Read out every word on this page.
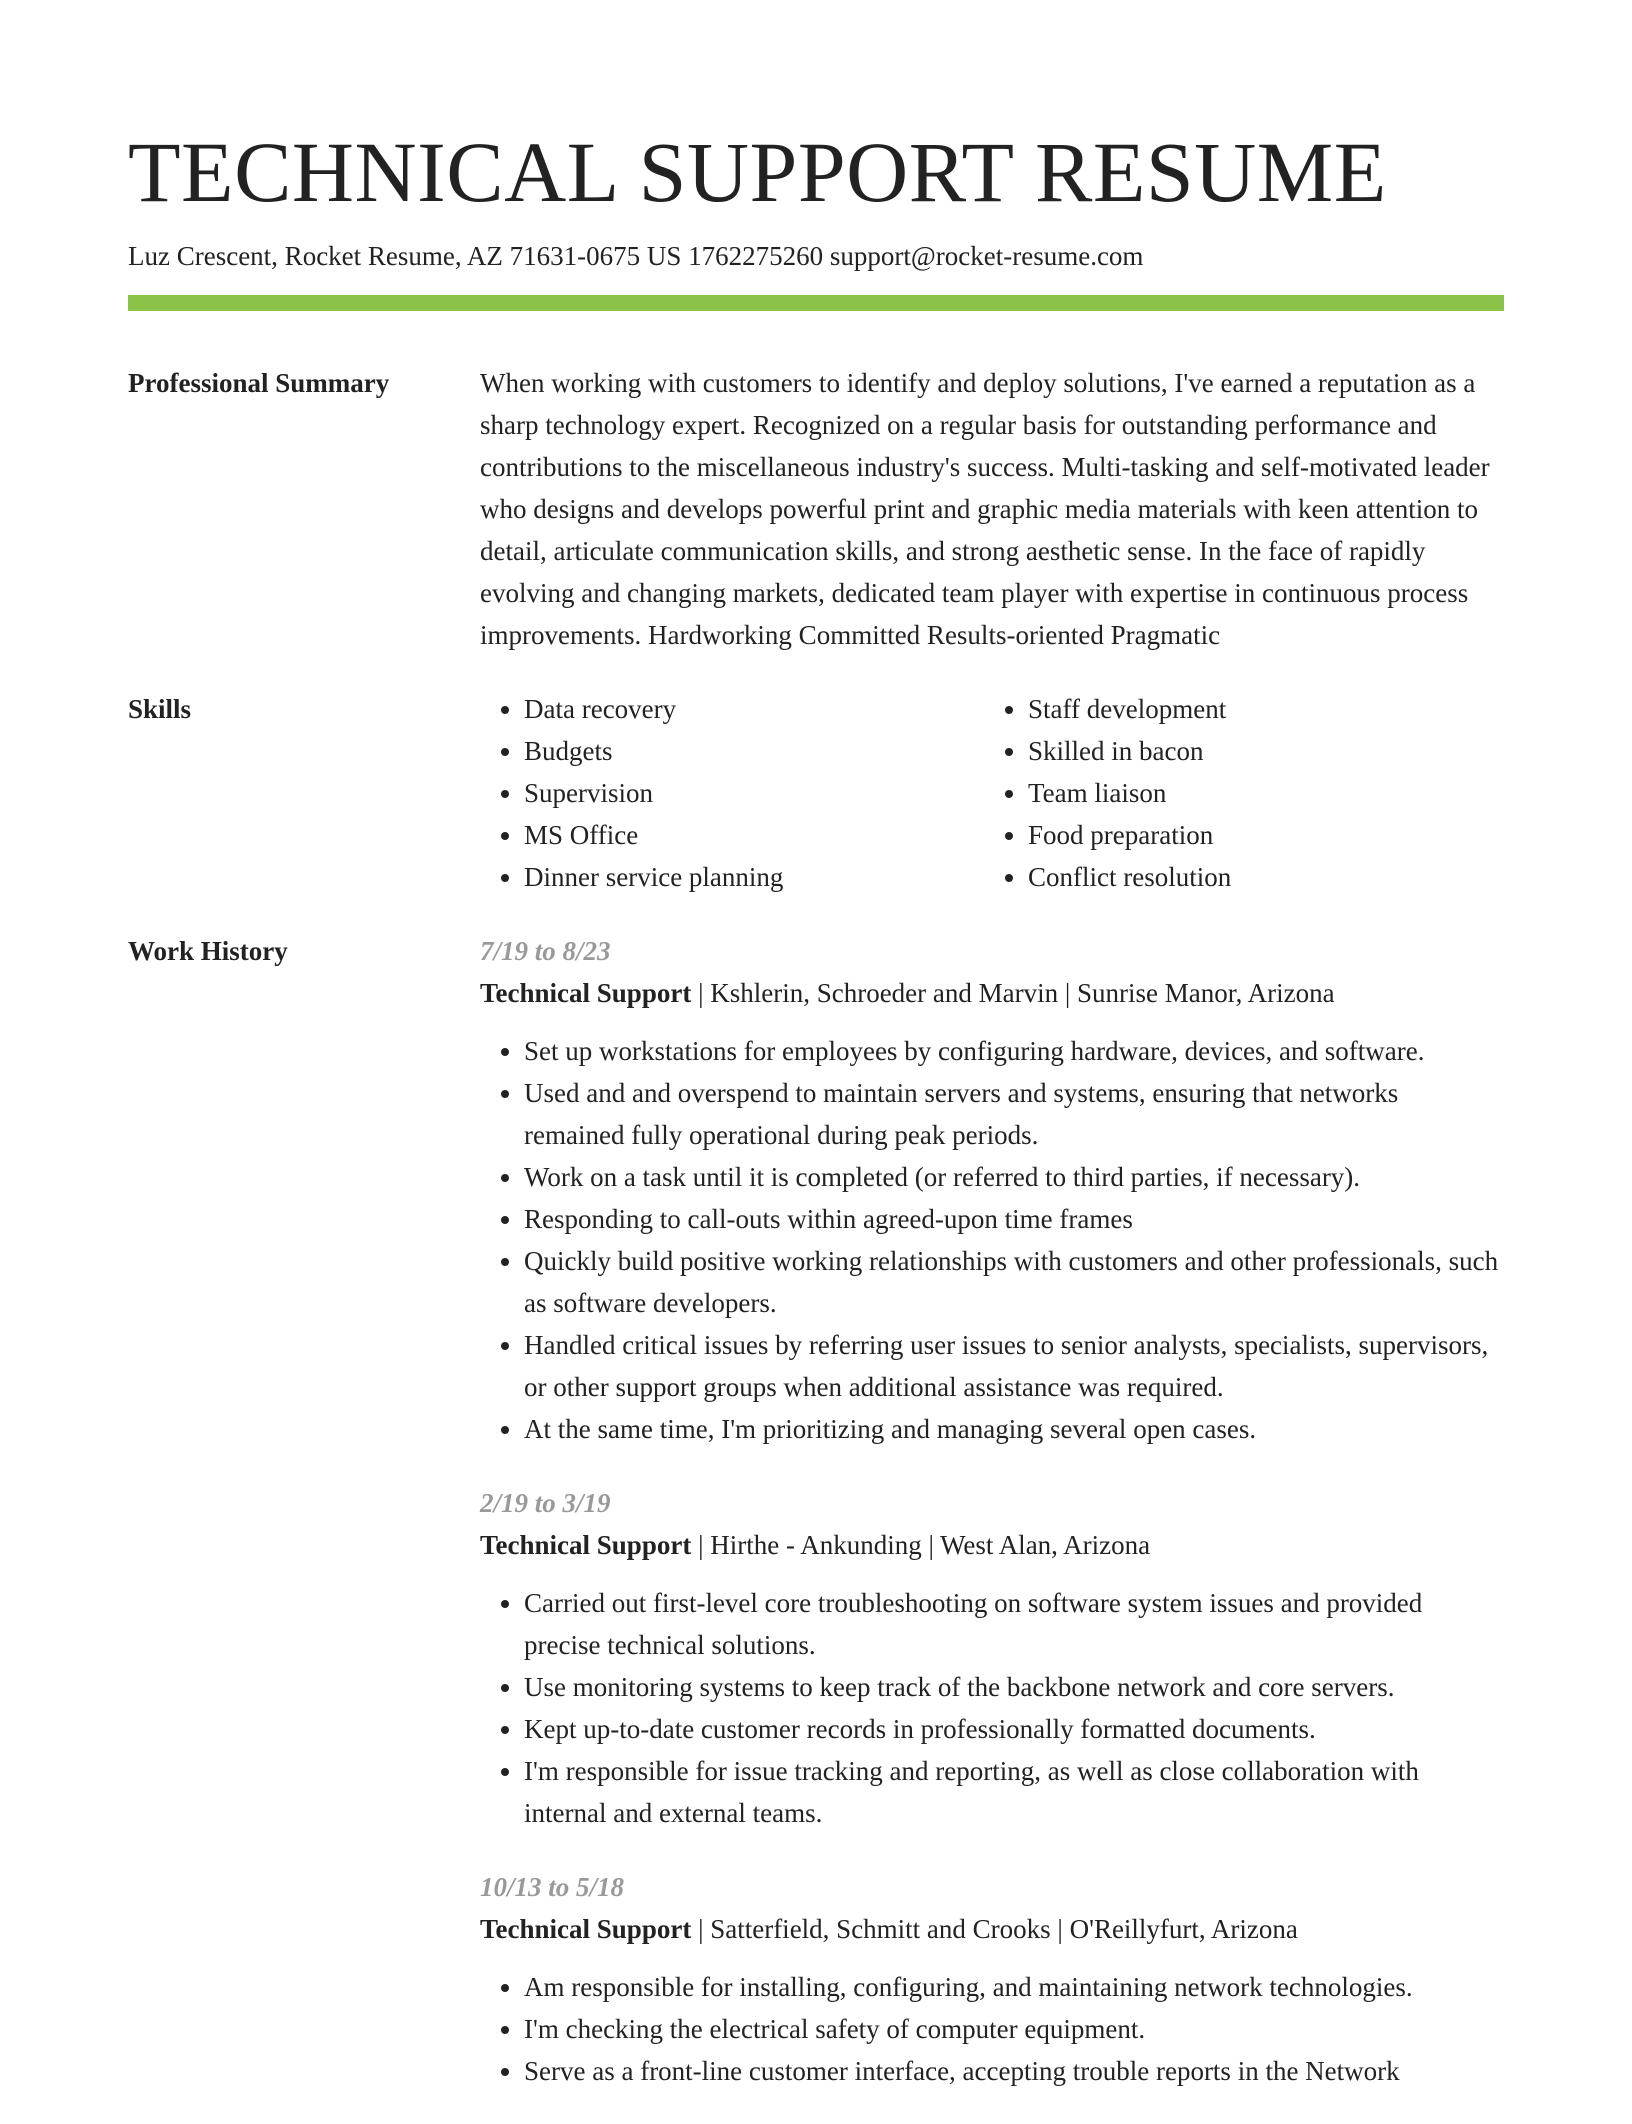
TECHNICAL SUPPORT RESUME
Luz Crescent, Rocket Resume, AZ 71631-0675 US 1762275260 support@rocket-resume.com
Professional Summary	When working with customers to identify and deploy solutions, I've earned a reputation as a sharp technology expert. Recognized on a regular basis for outstanding performance and contributions to the miscellaneous industry's success. Multi-tasking and self-motivated leader who designs and develops powerful print and graphic media materials with keen attention to detail, articulate communication skills, and strong aesthetic sense. In the face of rapidly evolving and changing markets, dedicated team player with expertise in continuous process improvements. Hardworking Committed Results-oriented Pragmatic

Skills
•	Data recovery
• Budgets
• Supervision
• MS Office
• Dinner service planning
• Staff development
• Skilled in bacon
• Team liaison
• Food preparation
• Conflict resolution
Work History	7/19 to 8/23
Technical Support | Kshlerin, Schroeder and Marvin | Sunrise Manor, Arizona
• Set up workstations for employees by configuring hardware, devices, and software.
• Used and and overspend to maintain servers and systems, ensuring that networks remained fully operational during peak periods.
• Work on a task until it is completed (or referred to third parties, if necessary).
• Responding to call-outs within agreed-upon time frames
• Quickly build positive working relationships with customers and other professionals, such as software developers.
• Handled critical issues by referring user issues to senior analysts, specialists, supervisors, or other support groups when additional assistance was required.
• At the same time, I'm prioritizing and managing several open cases.
2/19 to 3/19
Technical Support | Hirthe - Ankunding | West Alan, Arizona
• Carried out first-level core troubleshooting on software system issues and provided precise technical solutions.
• Use monitoring systems to keep track of the backbone network and core servers.
• Kept up-to-date customer records in professionally formatted documents.
• I'm responsible for issue tracking and reporting, as well as close collaboration with internal and external teams.
10/13 to 5/18
Technical Support | Satterfield, Schmitt and Crooks | O'Reillyfurt, Arizona
• Am responsible for installing, configuring, and maintaining network technologies.
• I'm checking the electrical safety of computer equipment.
• Serve as a front-line customer interface, accepting trouble reports in the Network
